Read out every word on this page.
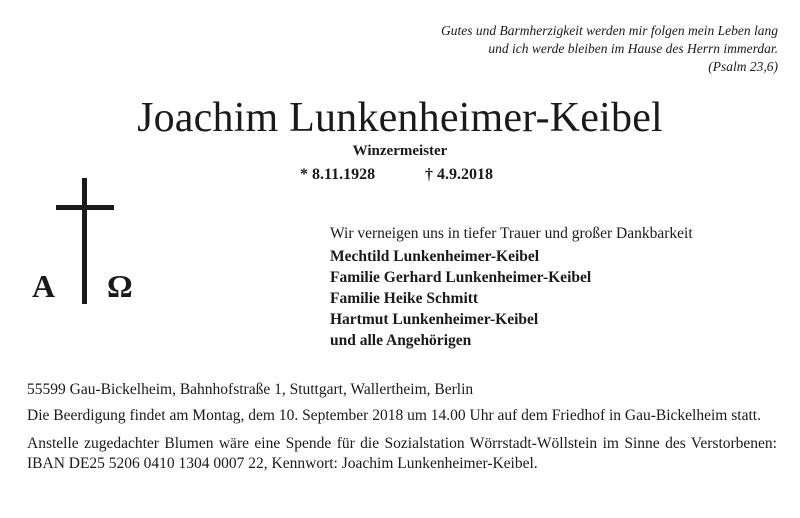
Gutes und Barmherzigkeit werden mir folgen mein Leben lang
und ich werde bleiben im Hause des Herrn immerdar.
(Psalm 23,6)
Joachim Lunkenheimer-Keibel
Winzermeister
* 8.11.1928	† 4.9.2018
A Ω
Wir verneigen uns in tiefer Trauer und großer Dankbarkeit
Mechtild Lunkenheimer-Keibel
Familie Gerhard Lunkenheimer-Keibel
Familie Heike Schmitt
Hartmut Lunkenheimer-Keibel
und alle Angehörigen

55599 Gau-Bickelheim, Bahnhofstraße 1, Stuttgart, Wallertheim, Berlin

Die Beerdigung findet am Montag, dem 10. September 2018 um 14.00 Uhr auf dem Friedhof in Gau-Bickelheim statt.

Anstelle zugedachter Blumen wäre eine Spende für die Sozialstation Wörrstadt-Wöllstein im Sinne des Verstorbenen: IBAN DE25 5206 0410 1304 0007 22, Kennwort: Joachim Lunkenheimer-Keibel.
